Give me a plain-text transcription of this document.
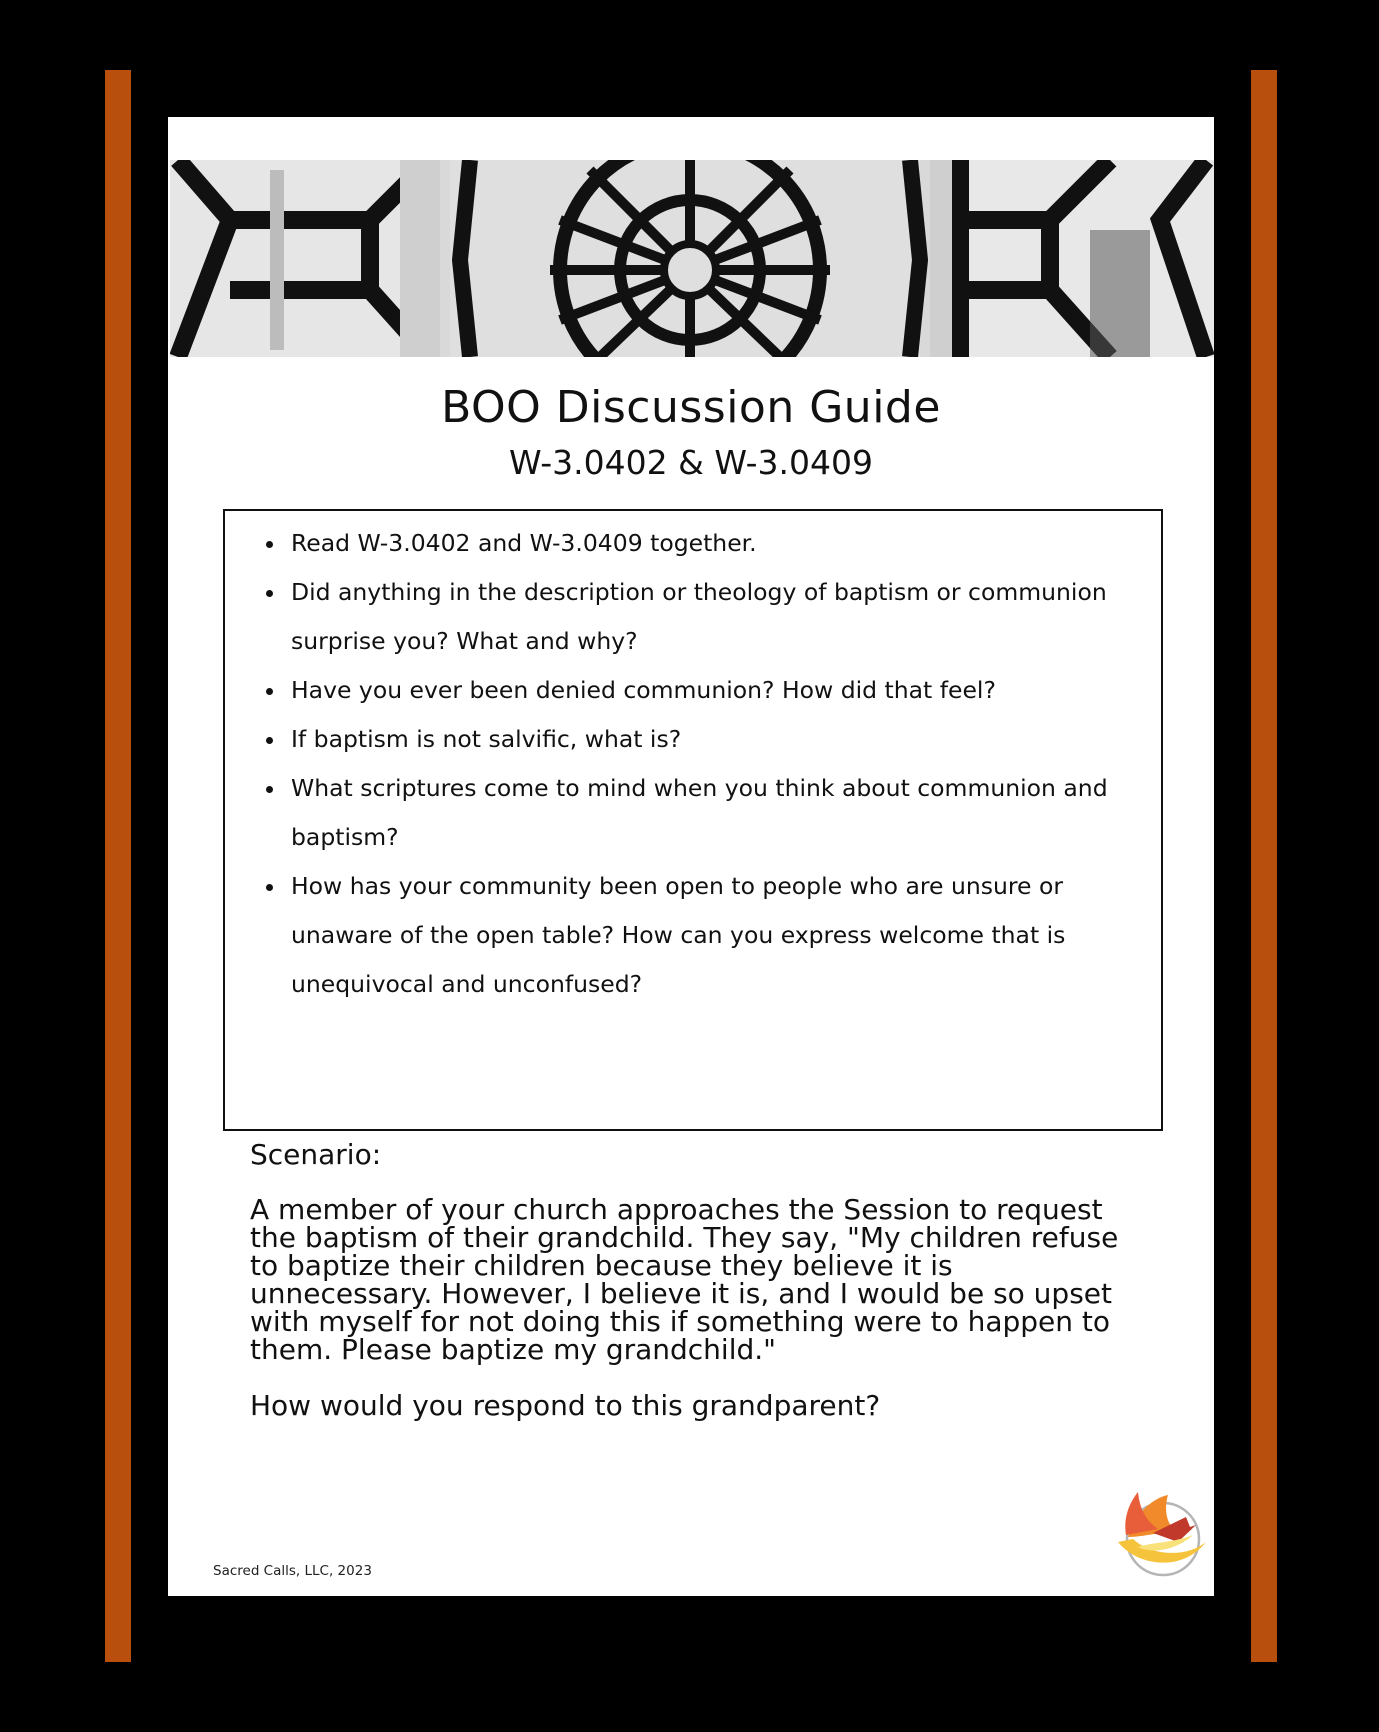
BOO Discussion Guide
W-3.0402 & W-3.0409
• Read W-3.0402 and W-3.0409 together.
• Did anything in the description or theology of baptism or communion surprise you? What and why?
• Have you ever been denied communion? How did that feel?
• If baptism is not salvific, what is?
• What scriptures come to mind when you think about communion and baptism?
• How has your community been open to people who are unsure or unaware of the open table? How can you express welcome that is unequivocal and unconfused?

Scenario:

A member of your church approaches the Session to request the baptism of their grandchild. They say, "My children refuse to baptize their children because they believe it is unnecessary. However, I believe it is, and I would be so upset with myself for not doing this if something were to happen to them. Please baptize my grandchild."

How would you respond to this grandparent?

Sacred Calls, LLC, 2023
